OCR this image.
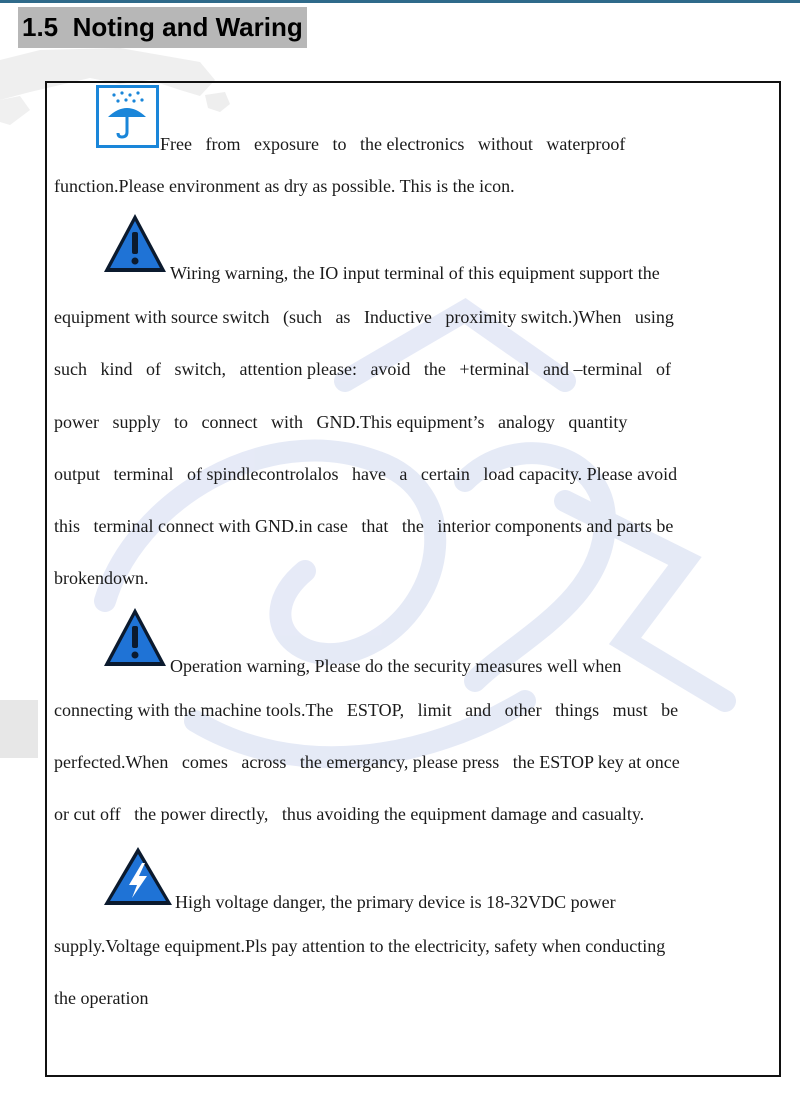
1.5 Noting and Waring
Free   from   exposure   to   the electronics   without   waterproof
function.Please environment as dry as possible. This is the icon.
Wiring warning, the IO input terminal of this equipment support the
equipment with source switch   (such   as   Inductive   proximity switch.)When   using
such   kind   of   switch,   attention please:   avoid   the   +terminal   and –terminal   of
power   supply   to   connect   with   GND.This equipment’s   analogy   quantity
output   terminal   of spindlecontrolalos   have   a   certain   load capacity. Please avoid
this   terminal connect with GND.in case   that   the   interior components and parts be
brokendown.
Operation warning, Please do the security measures well when
connecting with the machine tools.The   ESTOP,   limit   and   other   things   must   be
perfected.When   comes   across   the emergancy, please press   the ESTOP key at once
or cut off   the power directly,   thus avoiding the equipment damage and casualty.
High voltage danger, the primary device is 18-32VDC power
supply.Voltage equipment.Pls pay attention to the electricity, safety when conducting
the operation
